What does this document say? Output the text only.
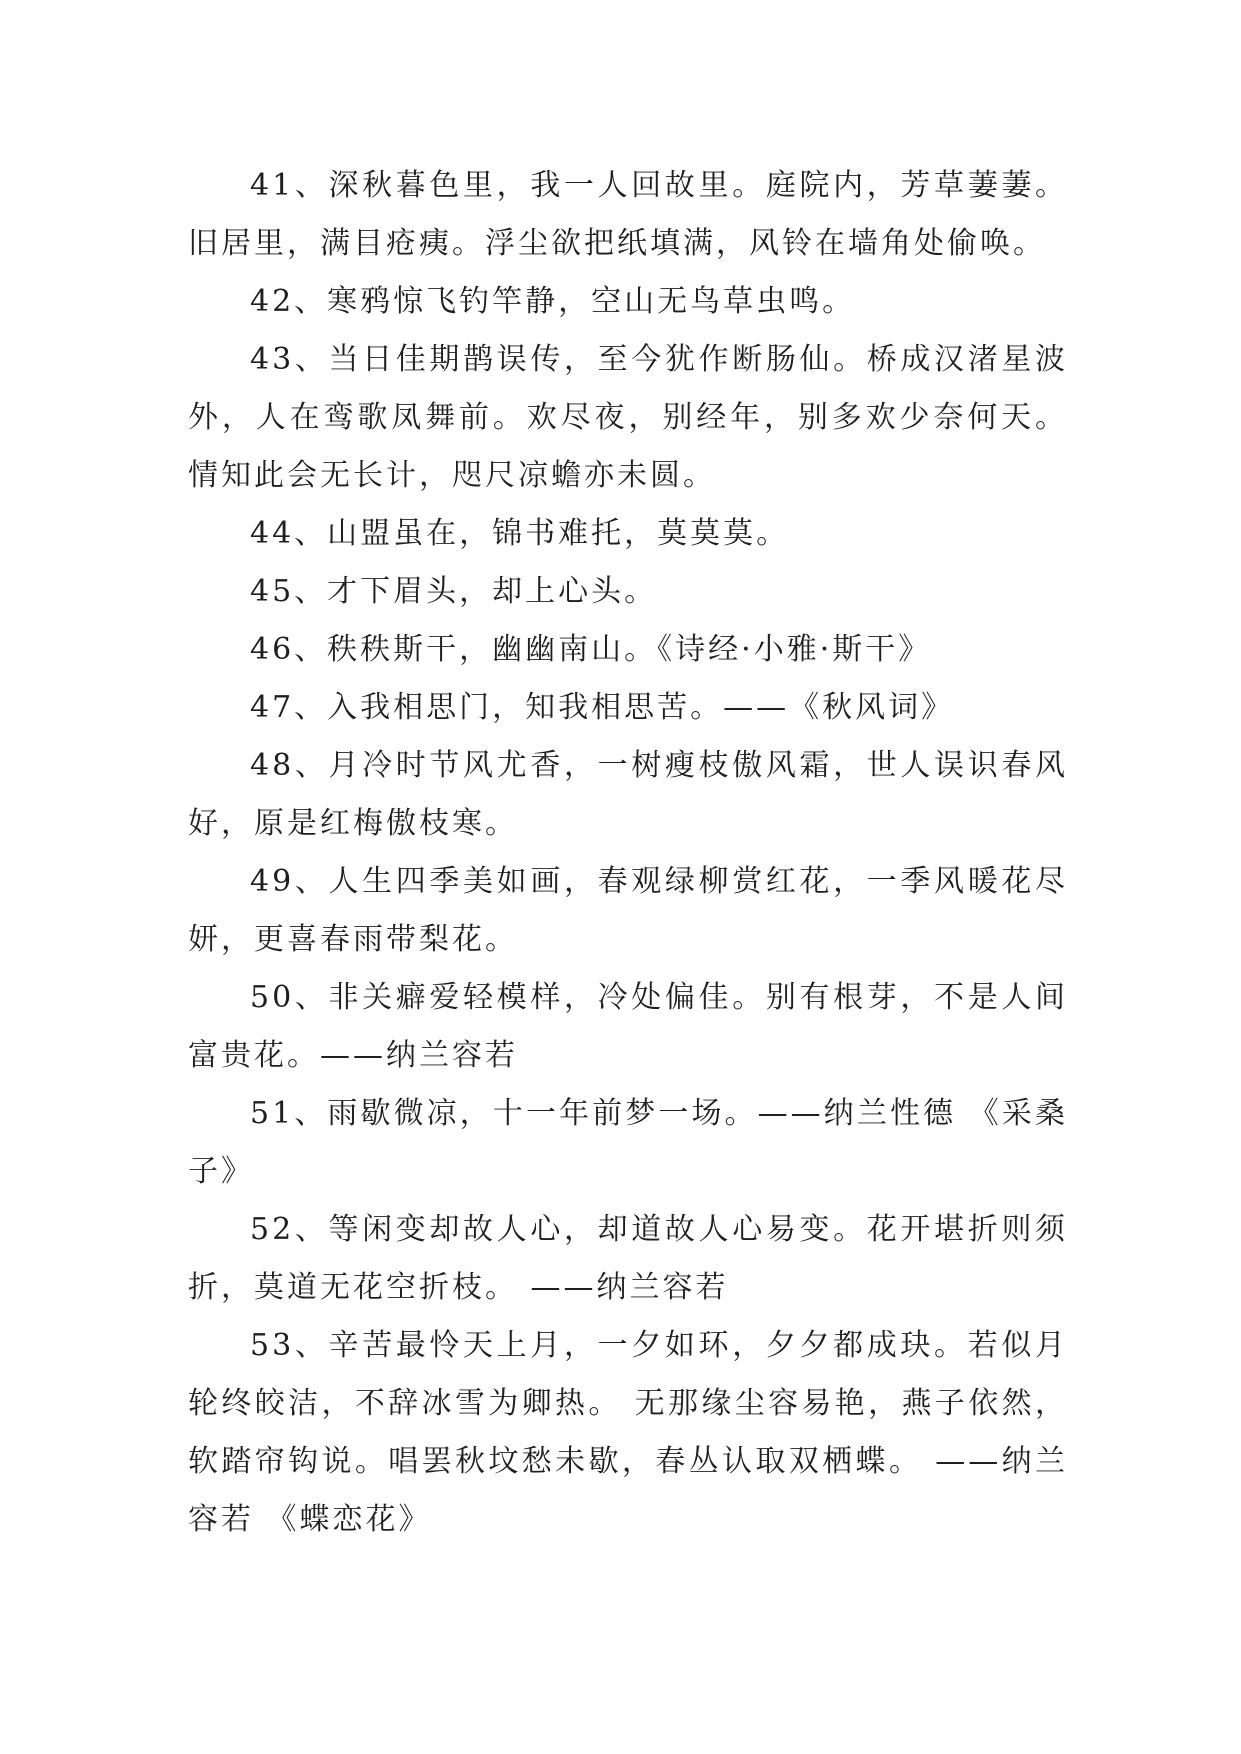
41、深秋暮色里，我一人回故里。庭院内，芳草萋萋。旧居里，满目疮痍。浮尘欲把纸填满，风铃在墙角处偷唤。

42、寒鸦惊飞钓竿静，空山无鸟草虫鸣。

43、当日佳期鹊误传，至今犹作断肠仙。桥成汉渚星波外，人在鸾歌凤舞前。欢尽夜，别经年，别多欢少奈何天。情知此会无长计，咫尺凉蟾亦未圆。

44、山盟虽在，锦书难托，莫莫莫。

45、才下眉头，却上心头。

46、秩秩斯干，幽幽南山。《诗经·小雅·斯干》

47、入我相思门，知我相思苦。——《秋风词》

48、月冷时节风尤香，一树瘦枝傲风霜，世人误识春风好，原是红梅傲枝寒。

49、人生四季美如画，春观绿柳赏红花，一季风暖花尽妍，更喜春雨带梨花。

50、非关癖爱轻模样，冷处偏佳。别有根芽，不是人间富贵花。——纳兰容若

51、雨歇微凉，十一年前梦一场。——纳兰性德 《采桑子》

52、等闲变却故人心，却道故人心易变。花开堪折则须折，莫道无花空折枝。 ——纳兰容若

53、辛苦最怜天上月，一夕如环，夕夕都成玦。若似月轮终皎洁，不辞冰雪为卿热。 无那缘尘容易艳，燕子依然，软踏帘钩说。唱罢秋坟愁未歇，春丛认取双栖蝶。 ——纳兰容若 《蝶恋花》
